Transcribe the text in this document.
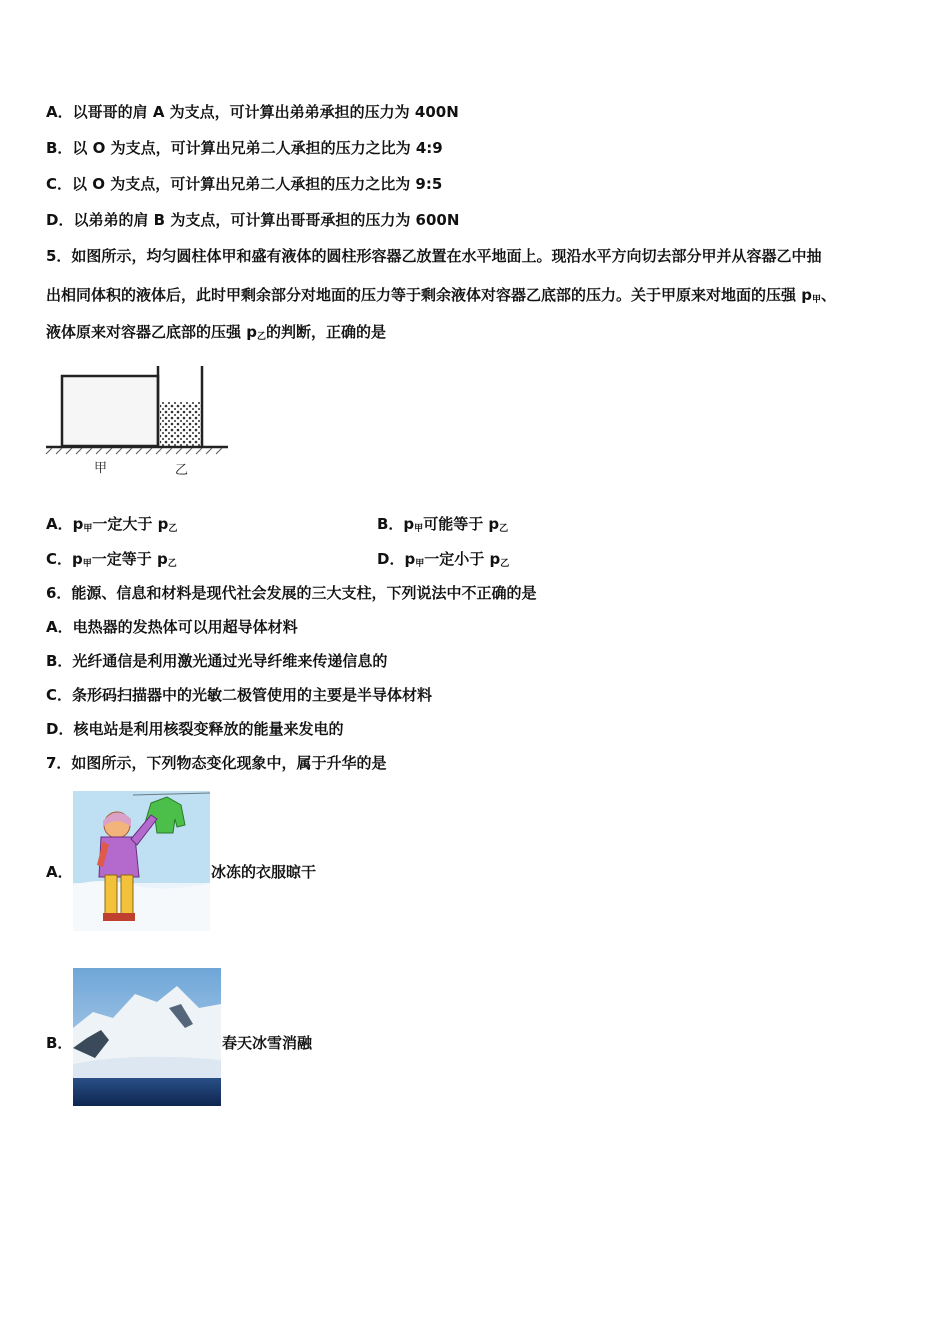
A．以哥哥的肩 A 为支点，可计算出弟弟承担的压力为 400N
B．以 O 为支点，可计算出兄弟二人承担的压力之比为 4:9
C．以 O 为支点，可计算出兄弟二人承担的压力之比为 9:5
D．以弟弟的肩 B 为支点，可计算出哥哥承担的压力为 600N
5．如图所示，均匀圆柱体甲和盛有液体的圆柱形容器乙放置在水平地面上。现沿水平方向切去部分甲并从容器乙中抽
出相同体积的液体后，此时甲剩余部分对地面的压力等于剩余液体对容器乙底部的压力。关于甲原来对地面的压强 $p_甲$、
液体原来对容器乙底部的压强 $p_乙$的判断，正确的是
甲	乙
A．$p_甲$一定大于 $p_乙$	B．$p_甲$可能等于 $p_乙$
C．$p_甲$一定等于 $p_乙$	D．$p_甲$一定小于 $p_乙$
6．能源、信息和材料是现代社会发展的三大支柱，下列说法中不正确的是
A．电热器的发热体可以用超导体材料
B．光纤通信是利用激光通过光导纤维来传递信息的
C．条形码扫描器中的光敏二极管使用的主要是半导体材料
D．核电站是利用核裂变释放的能量来发电的
7．如图所示，下列物态变化现象中，属于升华的是
A．	冰冻的衣服晾干
B．	春天冰雪消融
